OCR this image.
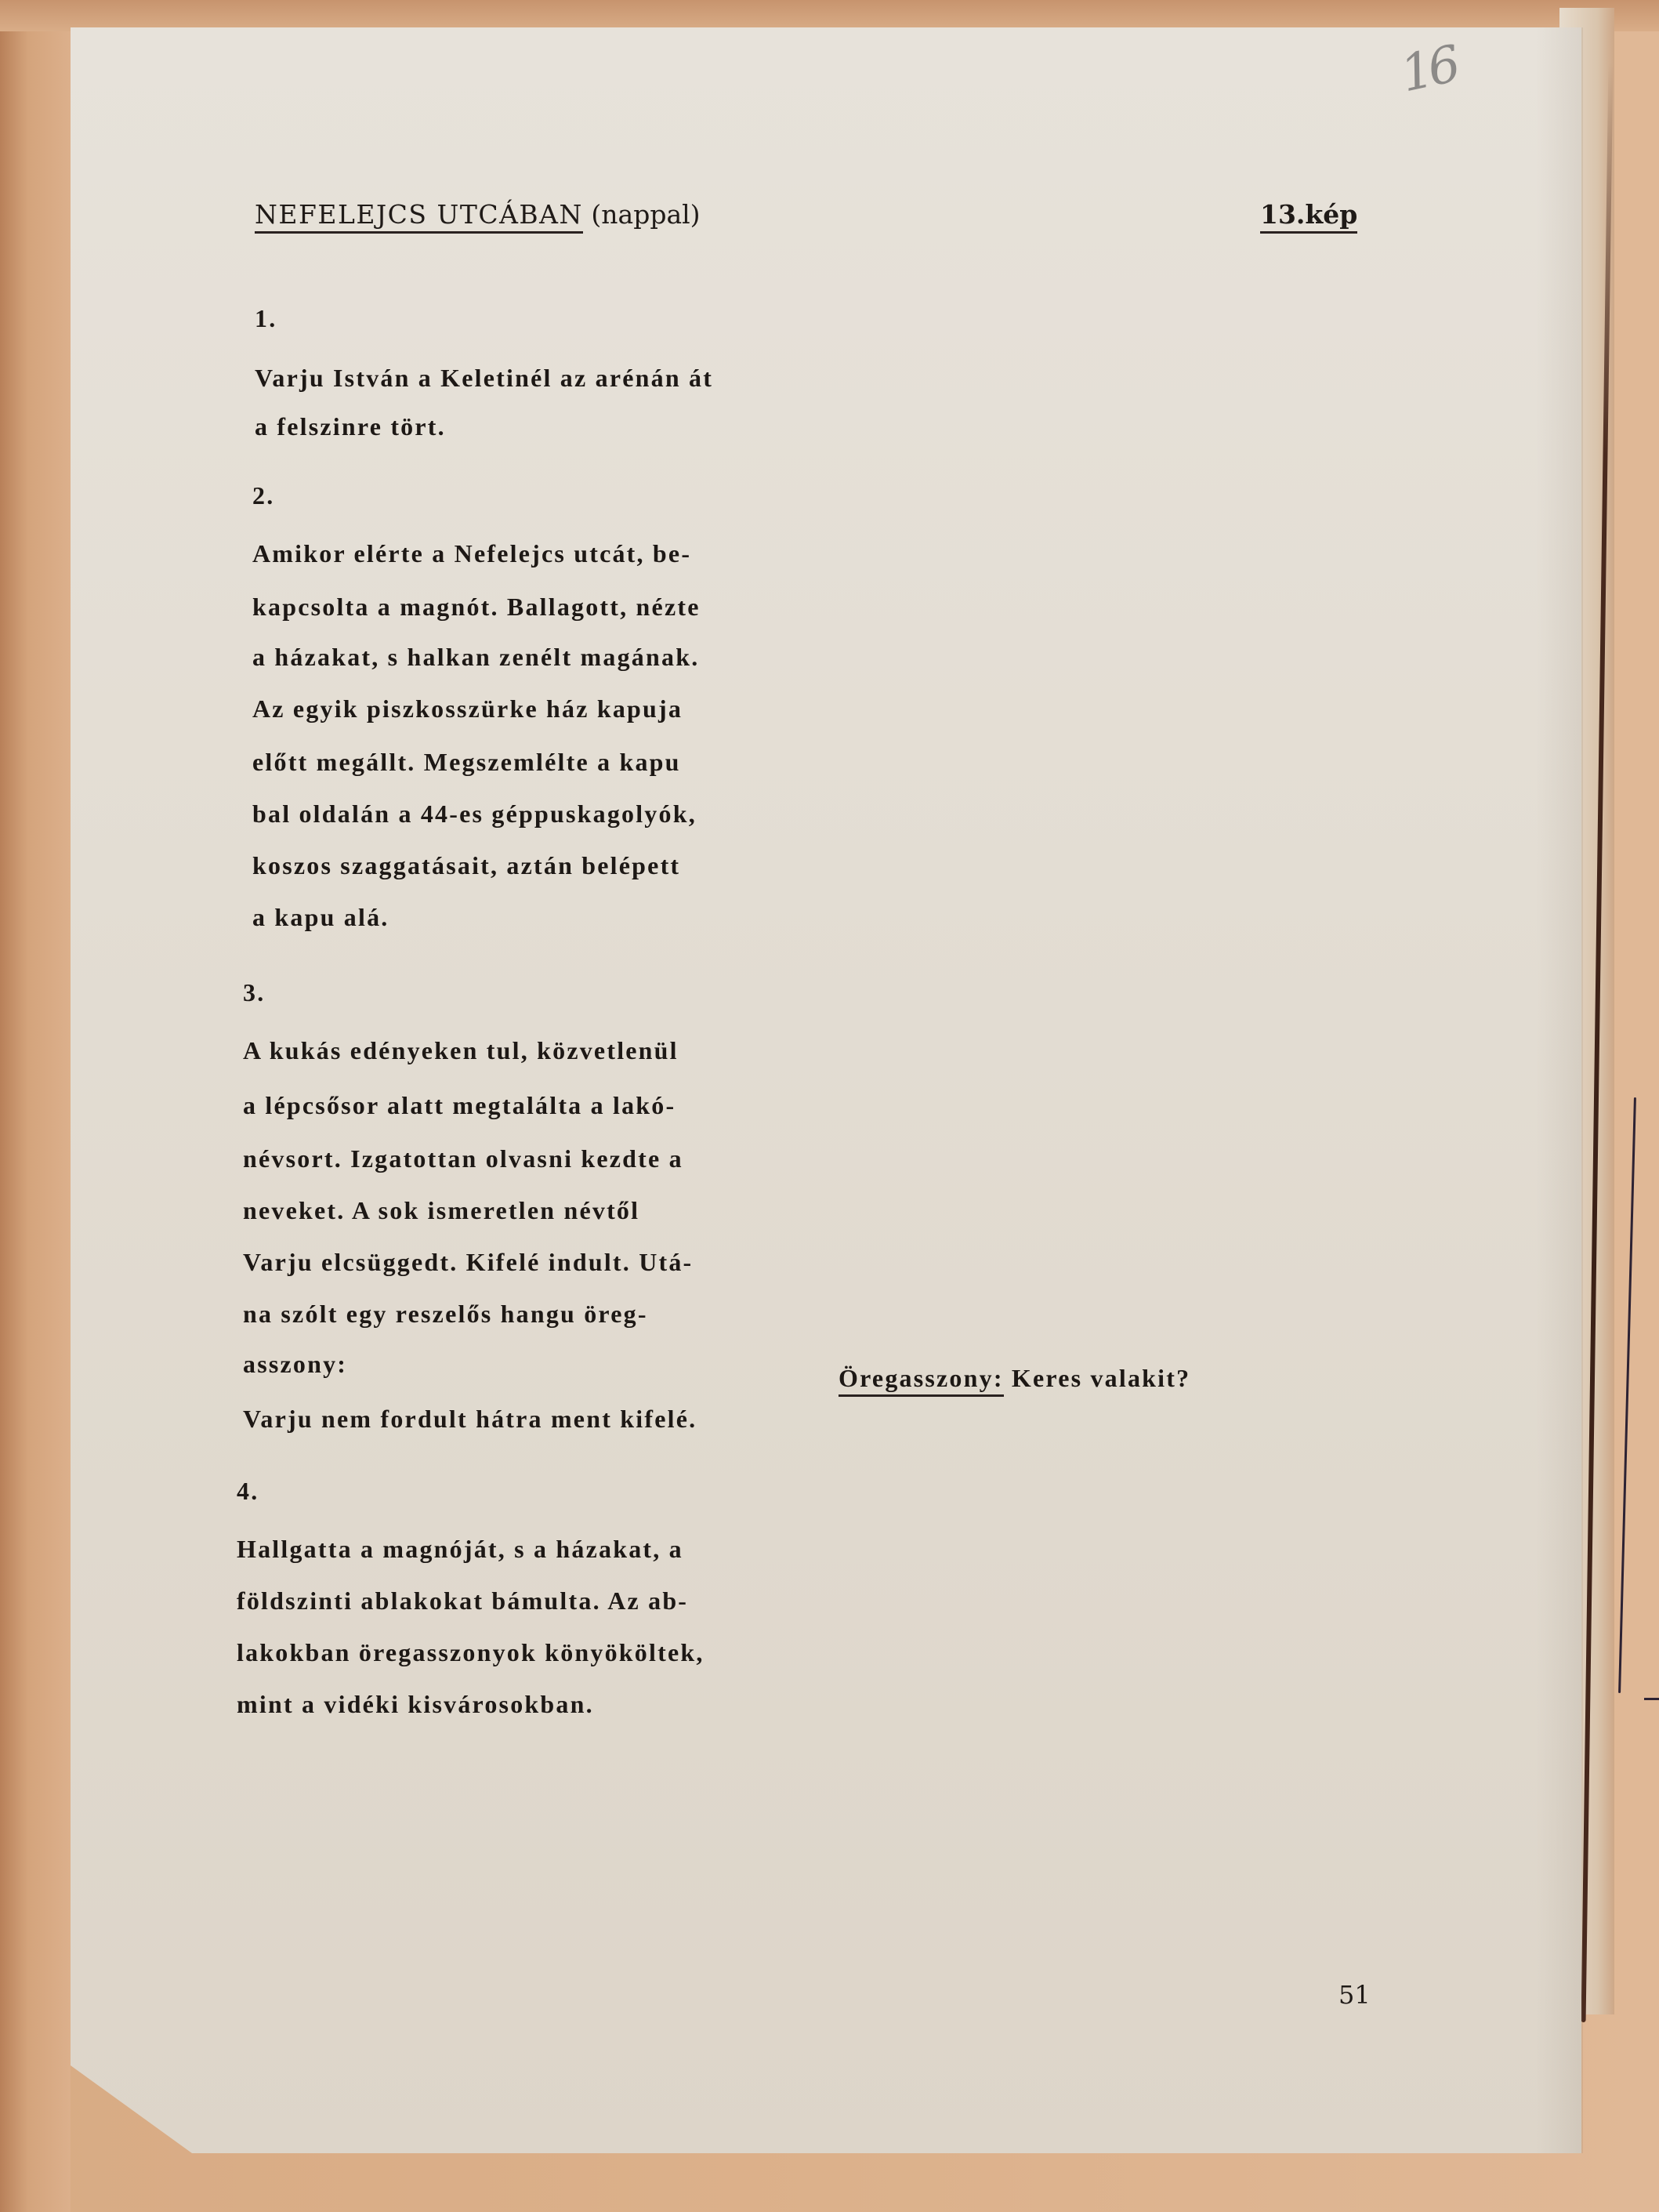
16
NEFELEJCS UTCÁBAN (nappal)	13.kép
1.
Varju István a Keletinél az arénán át
a felszinre tört.
2.
Amikor elérte a Nefelejcs utcát, be-
kapcsolta a magnót. Ballagott, nézte
a házakat, s halkan zenélt magának.
Az egyik piszkosszürke ház kapuja
előtt megállt. Megszemlélte a kapu
bal oldalán a 44-es géppuskagolyók,
koszos szaggatásait, aztán belépett
a kapu alá.
3.
A kukás edényeken tul, közvetlenül
a lépcsősor alatt megtalálta a lakó-
névsort. Izgatottan olvasni kezdte a
neveket. A sok ismeretlen névtől
Varju elcsüggedt. Kifelé indult. Utá-
na szólt egy reszelős hangu öreg-
asszony:
Varju nem fordult hátra ment kifelé.
Öregasszony: Keres valakit?
4.
Hallgatta a magnóját, s a házakat, a
földszinti ablakokat bámulta. Az ab-
lakokban öregasszonyok könyököltek,
mint a vidéki kisvárosokban.
51
